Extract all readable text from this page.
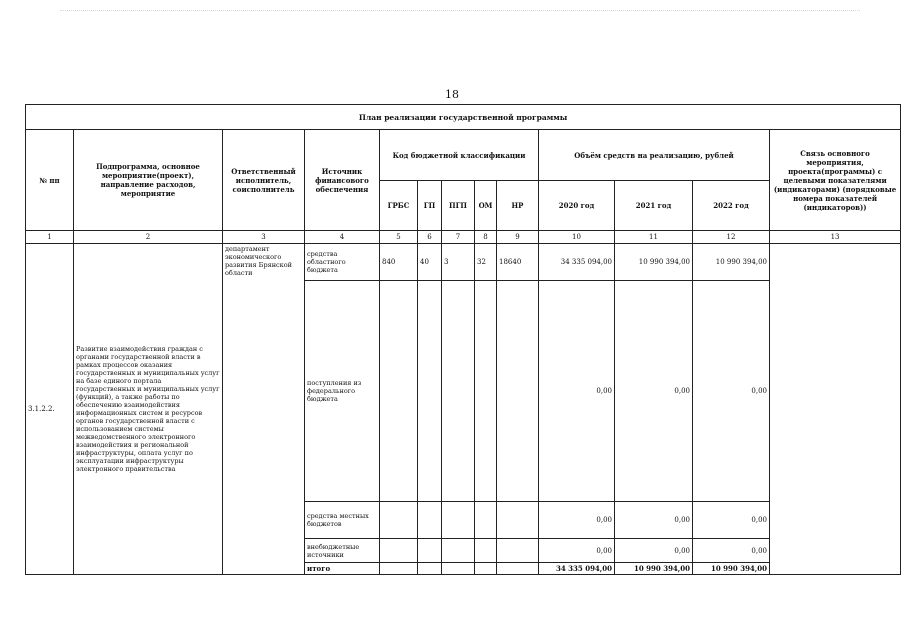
18
План реализации государственной программы												
№ пп	Подпрограмма, основное мероприятие(проект), направление расходов, мероприятие	Ответственный исполнитель, соисполнитель	Источник финансового обеспечения	Код бюджетной классификации					Объём средств на реализацию, рублей			Связь основного мероприятия, проекта(программы) с целевыми показателями (индикаторами) (порядковые номера показателей (индикаторов))
				ГРБС	ГП	ПГП	ОМ	НР	2020 год	2021 год	2022 год	
1	2	3	4	5	6	7	8	9	10	11	12	13
3.1.2.2.	Развитие взаимодействия граждан с органами государственной власти в рамках процессов оказания государственных и муниципальных услуг на базе единого портала государственных и муниципальных услуг (функций), а также работы по обеспечению взаимодействия информационных систем и ресурсов органов государственной власти с использованием системы межведомственного электронного взаимодействия и региональной инфраструктуры, оплата услуг по эксплуатации инфраструктуры электронного правительства	департамент экономического развития Брянской области	средства областного бюджета	840	40	3	32	18640	34 335 094,00	10 990 394,00	10 990 394,00	
			поступления из федерального бюджета						0,00	0,00	0,00	
			средства местных бюджетов						0,00	0,00	0,00	
			внебюджетные источники						0,00	0,00	0,00	
			итого						34 335 094,00	10 990 394,00	10 990 394,00	
